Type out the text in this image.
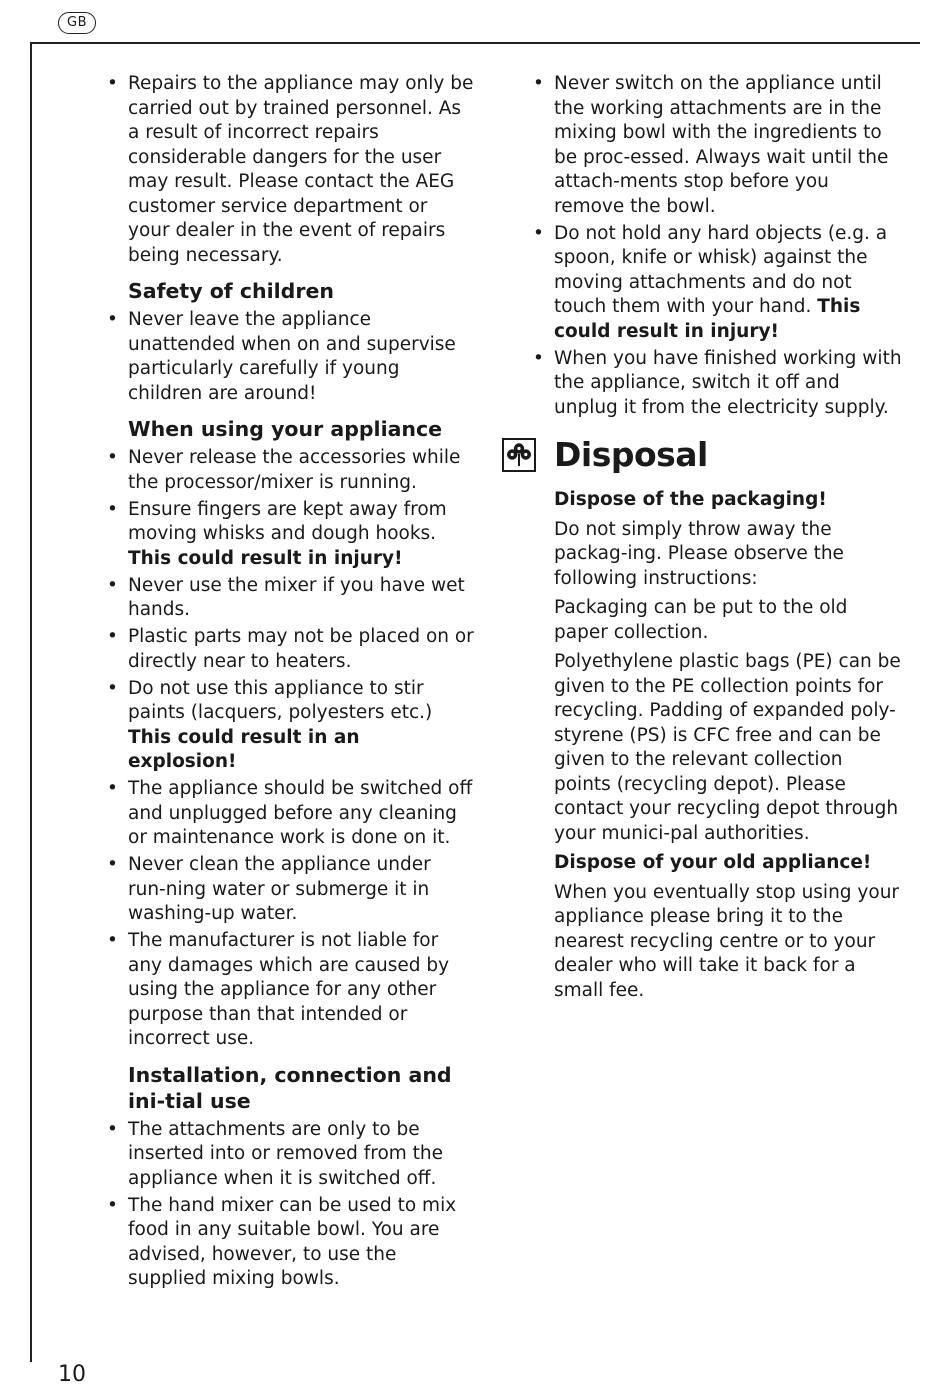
GB
• Repairs to the appliance may only be carried out by trained personnel. As a result of incorrect repairs considerable dangers for the user may result. Please contact the AEG customer service department or your dealer in the event of repairs being necessary.
Safety of children
• Never leave the appliance unattended when on and supervise particularly carefully if young children are around!
When using your appliance
• Never release the accessories while the processor/mixer is running.
• Ensure fingers are kept away from moving whisks and dough hooks. This could result in injury!
• Never use the mixer if you have wet hands.
• Plastic parts may not be placed on or directly near to heaters.
• Do not use this appliance to stir paints (lacquers, polyesters etc.) This could result in an explosion!
• The appliance should be switched off and unplugged before any cleaning or maintenance work is done on it.
• Never clean the appliance under run-ning water or submerge it in washing-up water.
• The manufacturer is not liable for any damages which are caused by using the appliance for any other purpose than that intended or incorrect use.
Installation, connection and ini-tial use
• The attachments are only to be inserted into or removed from the appliance when it is switched off.
• The hand mixer can be used to mix food in any suitable bowl. You are advised, however, to use the supplied mixing bowls.
• Never switch on the appliance until the working attachments are in the mixing bowl with the ingredients to be proc-essed. Always wait until the attach-ments stop before you remove the bowl.
• Do not hold any hard objects (e.g. a spoon, knife or whisk) against the moving attachments and do not touch them with your hand. This could result in injury!
• When you have finished working with the appliance, switch it off and unplug it from the electricity supply.
Disposal

Dispose of the packaging!

Do not simply throw away the packag-ing. Please observe the following instructions:

Packaging can be put to the old paper collection.

Polyethylene plastic bags (PE) can be given to the PE collection points for recycling. Padding of expanded poly-styrene (PS) is CFC free and can be given to the relevant collection points (recycling depot). Please contact your recycling depot through your munici-pal authorities.

Dispose of your old appliance!

When you eventually stop using your appliance please bring it to the nearest recycling centre or to your dealer who will take it back for a small fee.

10
